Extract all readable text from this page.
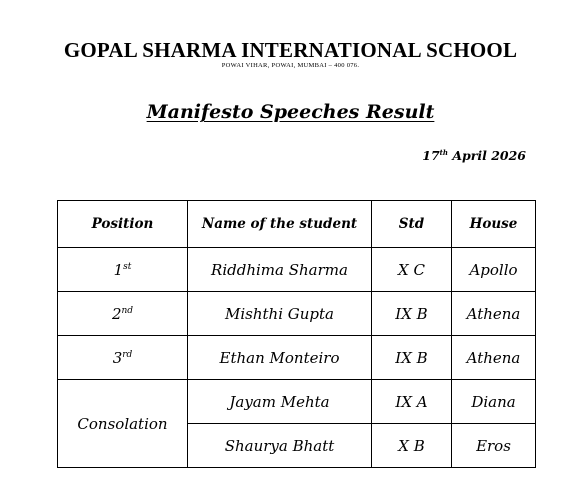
GOPAL SHARMA INTERNATIONAL SCHOOL
POWAI VIHAR, POWAI, MUMBAI – 400 076.
Manifesto Speeches Result
17th April 2026
Position	Name of the student	Std	House
1st	Riddhima Sharma	X C	Apollo
2nd	Mishthi Gupta	IX B	Athena
3rd	Ethan Monteiro	IX B	Athena
Consolation	Jayam Mehta	IX A	Diana
	Shaurya Bhatt	X B	Eros
